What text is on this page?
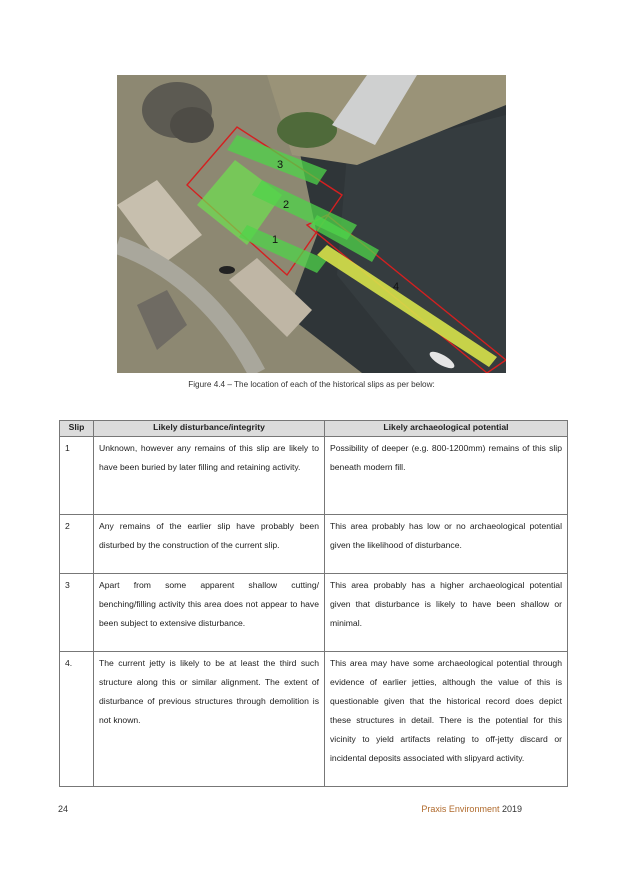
3
2
1
4
Figure 4.4 – The location of each of the historical slips as per below:
Slip	Likely disturbance/integrity	Likely archaeological potential
1	Unknown, however any remains of this slip are likely to have been buried by later filling and retaining activity.	Possibility of deeper (e.g. 800-1200mm) remains of this slip beneath modern fill.
2	Any remains of the earlier slip have probably been disturbed by the construction of the current slip.	This area probably has low or no archaeological potential given the likelihood of disturbance.
3	Apart from some apparent shallow cutting/ benching/filling activity this area does not appear to have been subject to extensive disturbance.	This area probably has a higher archaeological potential given that disturbance is likely to have been shallow or minimal.
4.	The current jetty is likely to be at least the third such structure along this or similar alignment. The extent of disturbance of previous structures through demolition is not known.	This area may have some archaeological potential through evidence of earlier jetties, although the value of this is questionable given that the historical record does depict these structures in detail. There is the potential for this vicinity to yield artifacts relating to off-jetty discard or incidental deposits associated with slipyard activity.
24	Praxis Environment 2019
